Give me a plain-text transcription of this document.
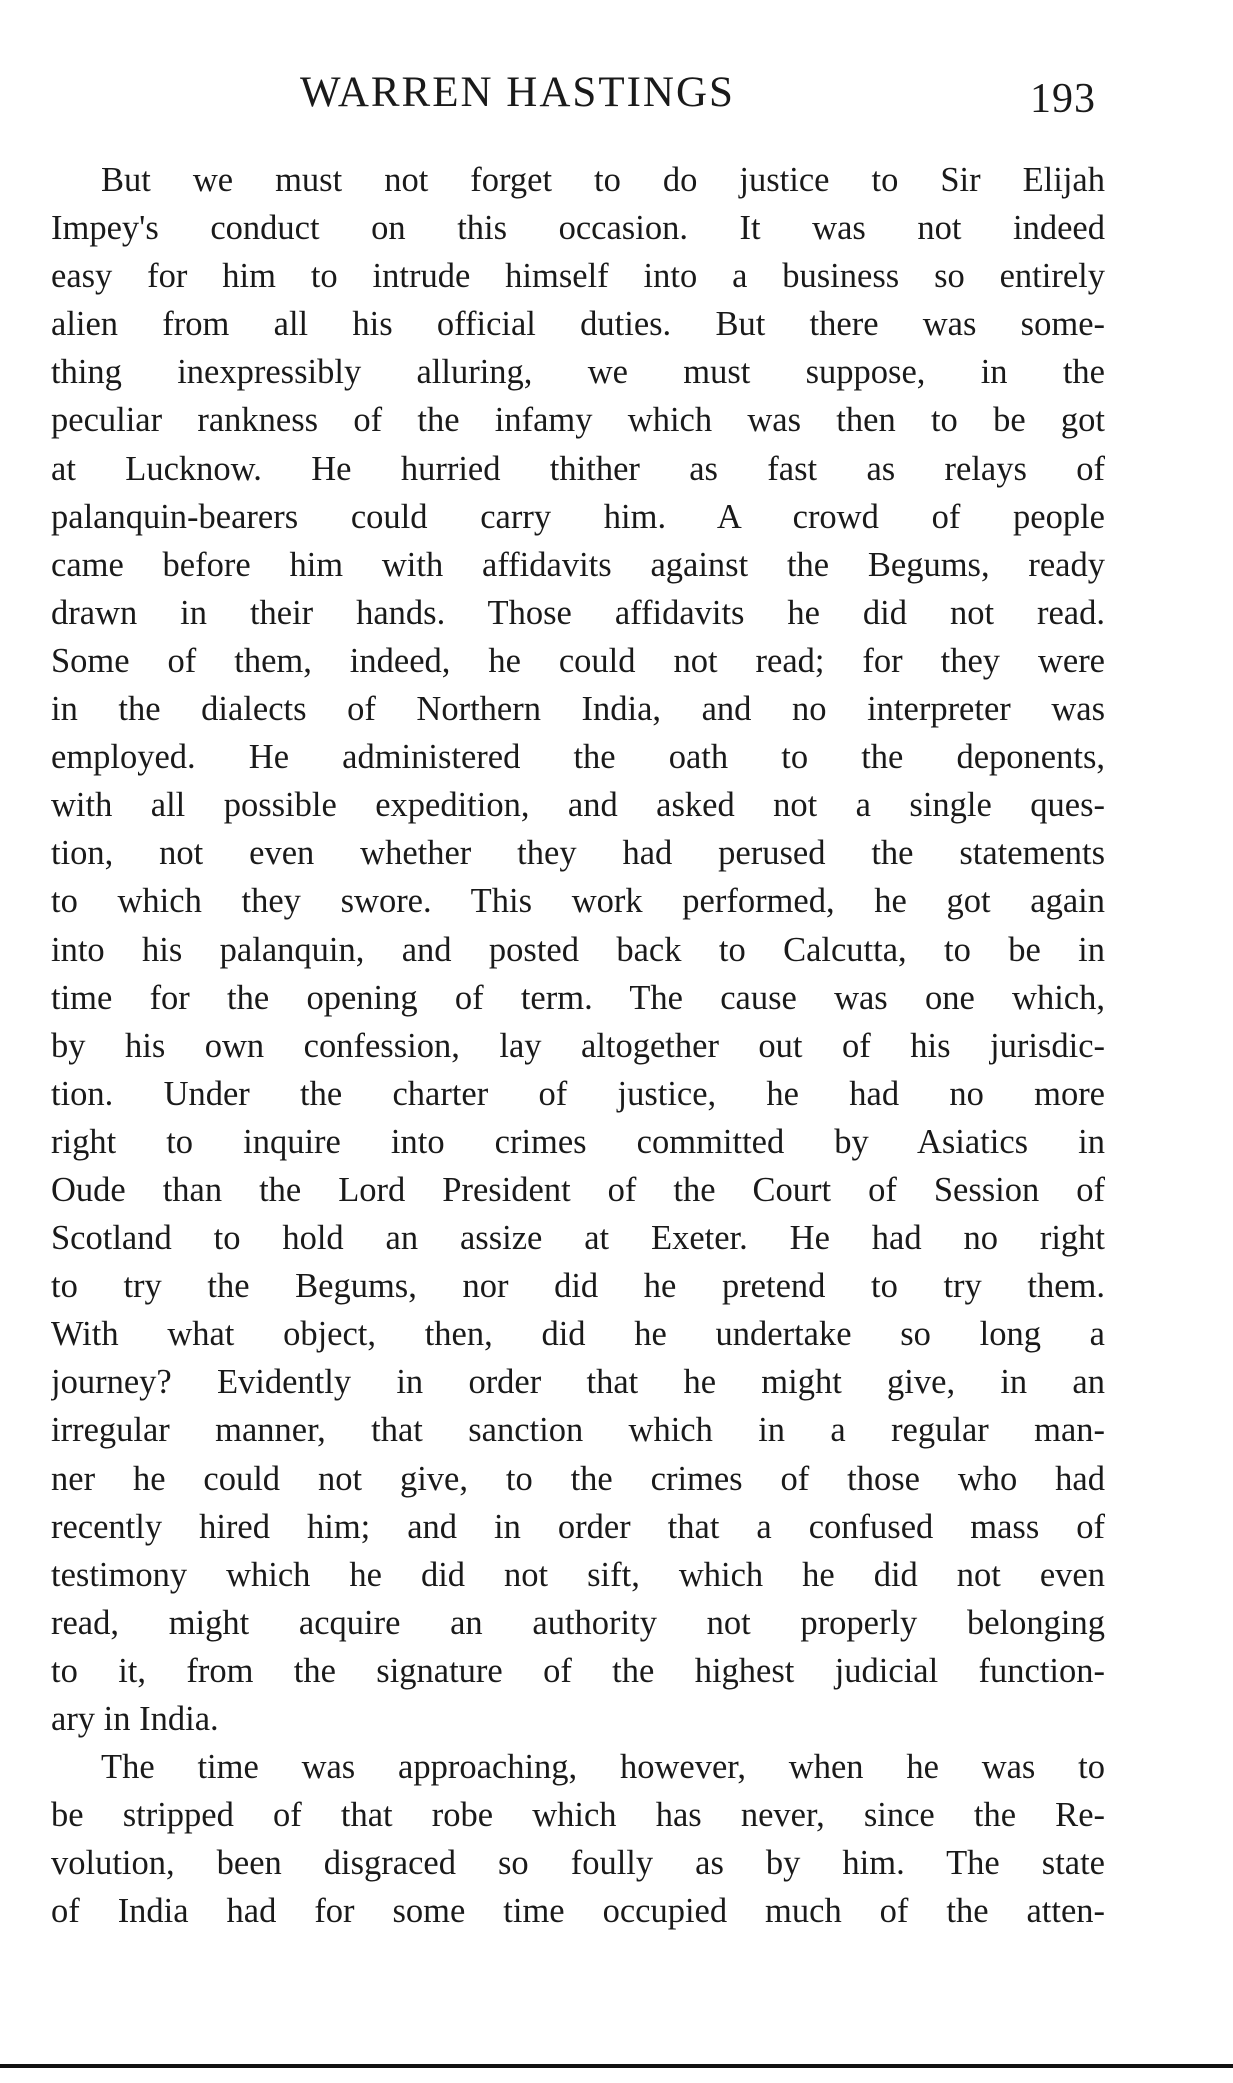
WARREN HASTINGS	193
But we must not forget to do justice to Sir Elijah
Impey's conduct on this occasion. It was not indeed
easy for him to intrude himself into a business so entirely
alien from all his official duties. But there was some-
thing inexpressibly alluring, we must suppose, in the
peculiar rankness of the infamy which was then to be got
at Lucknow. He hurried thither as fast as relays of
palanquin-bearers could carry him. A crowd of people
came before him with affidavits against the Begums, ready
drawn in their hands. Those affidavits he did not read.
Some of them, indeed, he could not read; for they were
in the dialects of Northern India, and no interpreter was
employed. He administered the oath to the deponents,
with all possible expedition, and asked not a single ques-
tion, not even whether they had perused the statements
to which they swore. This work performed, he got again
into his palanquin, and posted back to Calcutta, to be in
time for the opening of term. The cause was one which,
by his own confession, lay altogether out of his jurisdic-
tion. Under the charter of justice, he had no more
right to inquire into crimes committed by Asiatics in
Oude than the Lord President of the Court of Session of
Scotland to hold an assize at Exeter. He had no right
to try the Begums, nor did he pretend to try them.
With what object, then, did he undertake so long a
journey? Evidently in order that he might give, in an
irregular manner, that sanction which in a regular man-
ner he could not give, to the crimes of those who had
recently hired him; and in order that a confused mass of
testimony which he did not sift, which he did not even
read, might acquire an authority not properly belonging
to it, from the signature of the highest judicial function-
ary in India.
The time was approaching, however, when he was to
be stripped of that robe which has never, since the Re-
volution, been disgraced so foully as by him. The state
of India had for some time occupied much of the atten-
